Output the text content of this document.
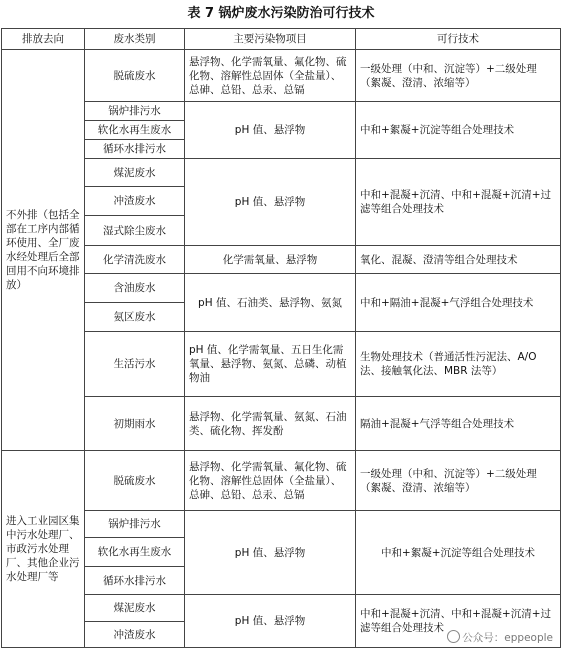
表 7 锅炉废水污染防治可行技术
排放去向	废水类别	主要污染物项目	可行技术
不外排（包括全部在工序内部循环使用、全厂废水经处理后全部回用不向环境排放）	脱硫废水	悬浮物、化学需氧量、氟化物、硫化物、溶解性总固体（全盐量）、总砷、总铅、总汞、总镉	一级处理（中和、沉淀等）+二级处理（絮凝、澄清、浓缩等）
	锅炉排污水	pH 值、悬浮物	中和+絮凝+沉淀等组合处理技术
	软化水再生废水		
	循环水排污水		
	煤泥废水	pH 值、悬浮物	中和+混凝+沉清、中和+混凝+沉清+过滤等组合处理技术
	冲渣废水		
	湿式除尘废水		
	化学清洗废水	化学需氧量、悬浮物	氧化、混凝、澄清等组合处理技术
	含油废水	pH 值、石油类、悬浮物、氨氮	中和+隔油+混凝+气浮组合处理技术
	氨区废水		
	生活污水	pH 值、化学需氧量、五日生化需氧量、悬浮物、氨氮、总磷、动植物油	生物处理技术（普通活性污泥法、A/O 法、接触氧化法、MBR 法等）
	初期雨水	悬浮物、化学需氧量、氨氮、石油类、硫化物、挥发酚	隔油+混凝+气浮等组合处理技术
进入工业园区集中污水处理厂、市政污水处理厂、其他企业污水处理厂等	脱硫废水	悬浮物、化学需氧量、氟化物、硫化物、溶解性总固体（全盐量）、总砷、总铅、总汞、总镉	一级处理（中和、沉淀等）+二级处理（絮凝、澄清、浓缩等）
	锅炉排污水	pH 值、悬浮物	中和+絮凝+沉淀等组合处理技术
	软化水再生废水		
	循环水排污水		
	煤泥废水	pH 值、悬浮物	中和+混凝+沉清、中和+混凝+沉清+过滤等组合处理技术
	冲渣废水			公众号：eppeople
